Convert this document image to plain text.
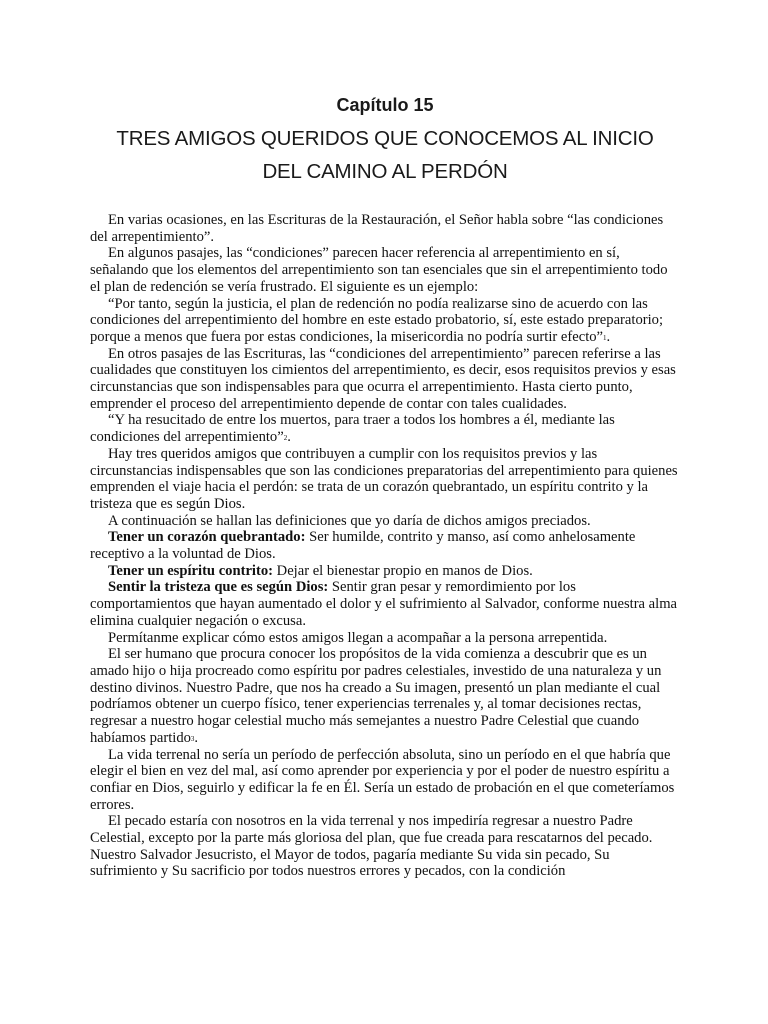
Capítulo 15
TRES AMIGOS QUERIDOS QUE CONOCEMOS AL INICIO
DEL CAMINO AL PERDÓN

En varias ocasiones, en las Escrituras de la Restauración, el Señor habla sobre “las condiciones del arrepentimiento”.

En algunos pasajes, las “condiciones” parecen hacer referencia al arrepentimiento en sí, señalando que los elementos del arrepentimiento son tan esenciales que sin el arrepentimiento todo el plan de redención se vería frustrado. El siguiente es un ejemplo:

“Por tanto, según la justicia, el plan de redención no podía realizarse sino de acuerdo con las condiciones del arrepentimiento del hombre en este estado probatorio, sí, este estado preparatorio; porque a menos que fuera por estas condiciones, la misericordia no podría surtir efecto”$^1$.

En otros pasajes de las Escrituras, las “condiciones del arrepentimiento” parecen referirse a las cualidades que constituyen los cimientos del arrepentimiento, es decir, esos requisitos previos y esas circunstancias que son indispensables para que ocurra el arrepentimiento. Hasta cierto punto, emprender el proceso del arrepentimiento depende de contar con tales cualidades.

“Y ha resucitado de entre los muertos, para traer a todos los hombres a él, mediante las condiciones del arrepentimiento”$^2$.

Hay tres queridos amigos que contribuyen a cumplir con los requisitos previos y las circunstancias indispensables que son las condiciones preparatorias del arrepentimiento para quienes emprenden el viaje hacia el perdón: se trata de un corazón quebrantado, un espíritu contrito y la tristeza que es según Dios.

A continuación se hallan las definiciones que yo daría de dichos amigos preciados.

Tener un corazón quebrantado: Ser humilde, contrito y manso, así como anhelosamente receptivo a la voluntad de Dios.

Tener un espíritu contrito: Dejar el bienestar propio en manos de Dios.

Sentir la tristeza que es según Dios: Sentir gran pesar y remordimiento por los comportamientos que hayan aumentado el dolor y el sufrimiento al Salvador, conforme nuestra alma elimina cualquier negación o excusa.

Permítanme explicar cómo estos amigos llegan a acompañar a la persona arrepentida.

El ser humano que procura conocer los propósitos de la vida comienza a descubrir que es un amado hijo o hija procreado como espíritu por padres celestiales, investido de una naturaleza y un destino divinos. Nuestro Padre, que nos ha creado a Su imagen, presentó un plan mediante el cual podríamos obtener un cuerpo físico, tener experiencias terrenales y, al tomar decisiones rectas, regresar a nuestro hogar celestial mucho más semejantes a nuestro Padre Celestial que cuando habíamos partido$^3$.

La vida terrenal no sería un período de perfección absoluta, sino un período en el que habría que elegir el bien en vez del mal, así como aprender por experiencia y por el poder de nuestro espíritu a confiar en Dios, seguirlo y edificar la fe en Él. Sería un estado de probación en el que cometeríamos errores.

El pecado estaría con nosotros en la vida terrenal y nos impediría regresar a nuestro Padre Celestial, excepto por la parte más gloriosa del plan, que fue creada para rescatarnos del pecado. Nuestro Salvador Jesucristo, el Mayor de todos, pagaría mediante Su vida sin pecado, Su sufrimiento y Su sacrificio por todos nuestros errores y pecados, con la condición
